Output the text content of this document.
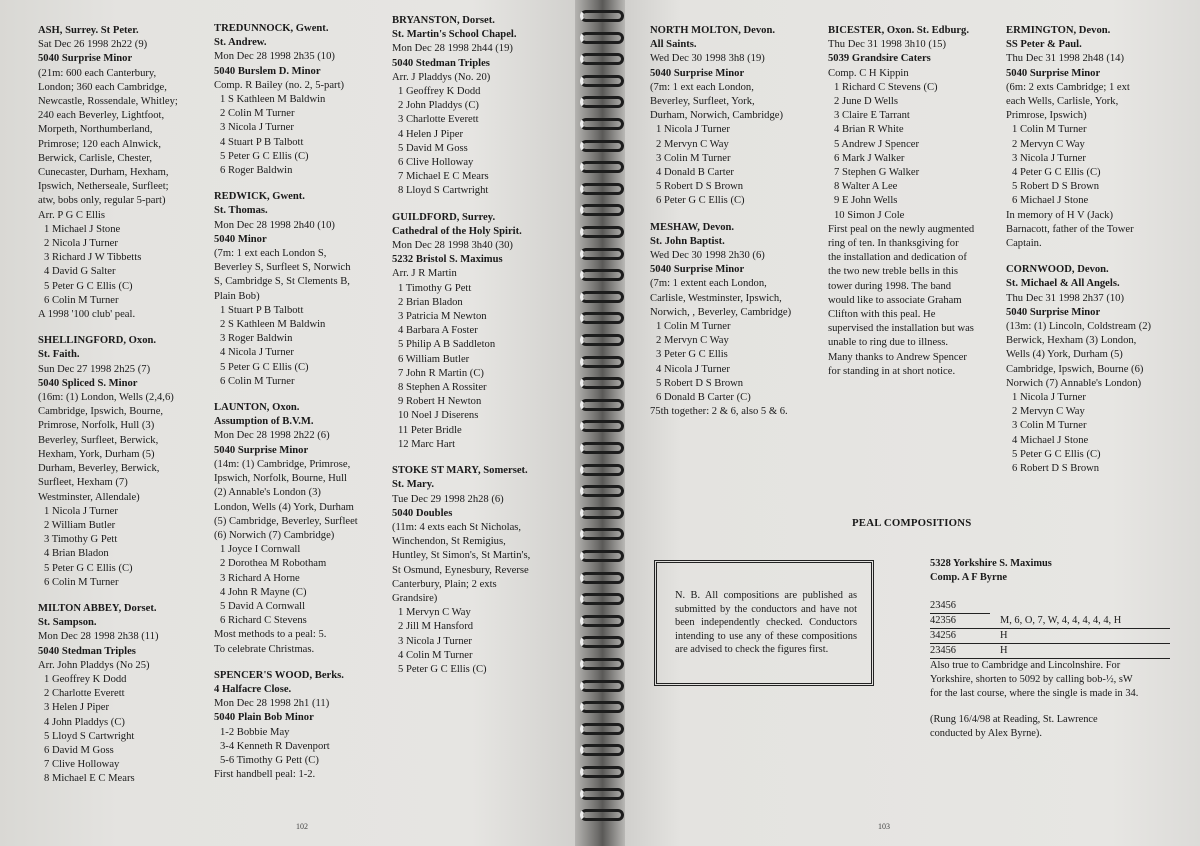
ASH, Surrey. St Peter.
Sat Dec 26 1998 2h22 (9)
5040 Surprise Minor
(21m: 600 each Canterbury,
London; 360 each Cambridge,
Newcastle, Rossendale, Whitley;
240 each Beverley, Lightfoot,
Morpeth, Northumberland,
Primrose; 120 each Alnwick,
Berwick, Carlisle, Chester,
Cunecaster, Durham, Hexham,
Ipswich, Netherseale, Surfleet;
atw, bobs only, regular 5-part)
Arr. P G C Ellis
1 Michael J Stone
2 Nicola J Turner
3 Richard J W Tibbetts
4 David G Salter
5 Peter G C Ellis (C)
6 Colin M Turner
A 1998 '100 club' peal.
SHELLINGFORD, Oxon.
St. Faith.
Sun Dec 27 1998 2h25 (7)
5040 Spliced S. Minor
(16m: (1) London, Wells (2,4,6)
Cambridge, Ipswich, Bourne,
Primrose, Norfolk, Hull (3)
Beverley, Surfleet, Berwick,
Hexham, York, Durham (5)
Durham, Beverley, Berwick,
Surfleet, Hexham (7)
Westminster, Allendale)
1 Nicola J Turner
2 William Butler
3 Timothy G Pett
4 Brian Bladon
5 Peter G C Ellis (C)
6 Colin M Turner
MILTON ABBEY, Dorset.
St. Sampson.
Mon Dec 28 1998 2h38 (11)
5040 Stedman Triples
Arr. John Pladdys (No 25)
1 Geoffrey K Dodd
2 Charlotte Everett
3 Helen J Piper
4 John Pladdys (C)
5 Lloyd S Cartwright
6 David M Goss
7 Clive Holloway
8 Michael E C Mears
TREDUNNOCK, Gwent.
St. Andrew.
Mon Dec 28 1998 2h35 (10)
5040 Burslem D. Minor
Comp. R Bailey (no. 2, 5-part)
1 S Kathleen M Baldwin
2 Colin M Turner
3 Nicola J Turner
4 Stuart P B Talbott
5 Peter G C Ellis (C)
6 Roger Baldwin
REDWICK, Gwent.
St. Thomas.
Mon Dec 28 1998 2h40 (10)
5040 Minor
(7m: 1 ext each London S,
Beverley S, Surfleet S, Norwich
S, Cambridge S, St Clements B,
Plain Bob)
1 Stuart P B Talbott
2 S Kathleen M Baldwin
3 Roger Baldwin
4 Nicola J Turner
5 Peter G C Ellis (C)
6 Colin M Turner
LAUNTON, Oxon.
Assumption of B.V.M.
Mon Dec 28 1998 2h22 (6)
5040 Surprise Minor
(14m: (1) Cambridge, Primrose,
Ipswich, Norfolk, Bourne, Hull
(2) Annable's London (3)
London, Wells (4) York, Durham
(5) Cambridge, Beverley, Surfleet
(6) Norwich (7) Cambridge)
1 Joyce I Cornwall
2 Dorothea M Robotham
3 Richard A Horne
4 John R Mayne (C)
5 David A Cornwall
6 Richard C Stevens
Most methods to a peal: 5.
To celebrate Christmas.
SPENCER'S WOOD, Berks.
4 Halfacre Close.
Mon Dec 28 1998 2h1 (11)
5040 Plain Bob Minor
1-2 Bobbie May
3-4 Kenneth R Davenport
5-6 Timothy G Pett (C)
First handbell peal: 1-2.
BRYANSTON, Dorset.
St. Martin's School Chapel.
Mon Dec 28 1998 2h44 (19)
5040 Stedman Triples
Arr. J Pladdys (No. 20)
1 Geoffrey K Dodd
2 John Pladdys (C)
3 Charlotte Everett
4 Helen J Piper
5 David M Goss
6 Clive Holloway
7 Michael E C Mears
8 Lloyd S Cartwright
GUILDFORD, Surrey.
Cathedral of the Holy Spirit.
Mon Dec 28 1998 3h40 (30)
5232 Bristol S. Maximus
Arr. J R Martin
1 Timothy G Pett
2 Brian Bladon
3 Patricia M Newton
4 Barbara A Foster
5 Philip A B Saddleton
6 William Butler
7 John R Martin (C)
8 Stephen A Rossiter
9 Robert H Newton
10 Noel J Diserens
11 Peter Bridle
12 Marc Hart
STOKE ST MARY, Somerset.
St. Mary.
Tue Dec 29 1998 2h28 (6)
5040 Doubles
(11m: 4 exts each St Nicholas,
Winchendon, St Remigius,
Huntley, St Simon's, St Martin's,
St Osmund, Eynesbury, Reverse
Canterbury, Plain; 2 exts
Grandsire)
1 Mervyn C Way
2 Jill M Hansford
3 Nicola J Turner
4 Colin M Turner
5 Peter G C Ellis (C)
102
NORTH MOLTON, Devon.
All Saints.
Wed Dec 30 1998 3h8 (19)
5040 Surprise Minor
(7m: 1 ext each London,
Beverley, Surfleet, York,
Durham, Norwich, Cambridge)
1 Nicola J Turner
2 Mervyn C Way
3 Colin M Turner
4 Donald B Carter
5 Robert D S Brown
6 Peter G C Ellis (C)
MESHAW, Devon.
St. John Baptist.
Wed Dec 30 1998 2h30 (6)
5040 Surprise Minor
(7m: 1 extent each London,
Carlisle, Westminster, Ipswich,
Norwich, , Beverley, Cambridge)
1 Colin M Turner
2 Mervyn C Way
3 Peter G C Ellis
4 Nicola J Turner
5 Robert D S Brown
6 Donald B Carter (C)
75th together: 2 & 6, also 5 & 6.
BICESTER, Oxon. St. Edburg.
Thu Dec 31 1998 3h10 (15)
5039 Grandsire Caters
Comp. C H Kippin
1 Richard C Stevens (C)
2 June D Wells
3 Claire E Tarrant
4 Brian R White
5 Andrew J Spencer
6 Mark J Walker
7 Stephen G Walker
8 Walter A Lee
9 E John Wells
10 Simon J Cole
First peal on the newly augmented
ring of ten. In thanksgiving for
the installation and dedication of
the two new treble bells in this
tower during 1998. The band
would like to associate Graham
Clifton with this peal. He
supervised the installation but was
unable to ring due to illness.
Many thanks to Andrew Spencer
for standing in at short notice.
ERMINGTON, Devon.
SS Peter & Paul.
Thu Dec 31 1998 2h48 (14)
5040 Surprise Minor
(6m: 2 exts Cambridge; 1 ext
each Wells, Carlisle, York,
Primrose, Ipswich)
1 Colin M Turner
2 Mervyn C Way
3 Nicola J Turner
4 Peter G C Ellis (C)
5 Robert D S Brown
6 Michael J Stone
In memory of H V (Jack)
Barnacott, father of the Tower
Captain.
CORNWOOD, Devon.
St. Michael & All Angels.
Thu Dec 31 1998 2h37 (10)
5040 Surprise Minor
(13m: (1) Lincoln, Coldstream (2)
Berwick, Hexham (3) London,
Wells (4) York, Durham (5)
Cambridge, Ipswich, Bourne (6)
Norwich (7) Annable's London)
1 Nicola J Turner
2 Mervyn C Way
3 Colin M Turner
4 Michael J Stone
5 Peter G C Ellis (C)
6 Robert D S Brown
103
PEAL COMPOSITIONS
N. B. All compositions are published as submitted by the conductors and have not been independently checked. Conductors intending to use any of these compositions are advised to check the figures first.
5328 Yorkshire S. Maximus
Comp. A F Byrne
23456
42356	M, 6, O, 7, W, 4, 4, 4, 4, 4, H
34256	H
23456	H
Also true to Cambridge and Lincolnshire. For
Yorkshire, shorten to 5092 by calling bob-½, sW
for the last course, where the single is made in 34.
(Rung 16/4/98 at Reading, St. Lawrence
conducted by Alex Byrne).
